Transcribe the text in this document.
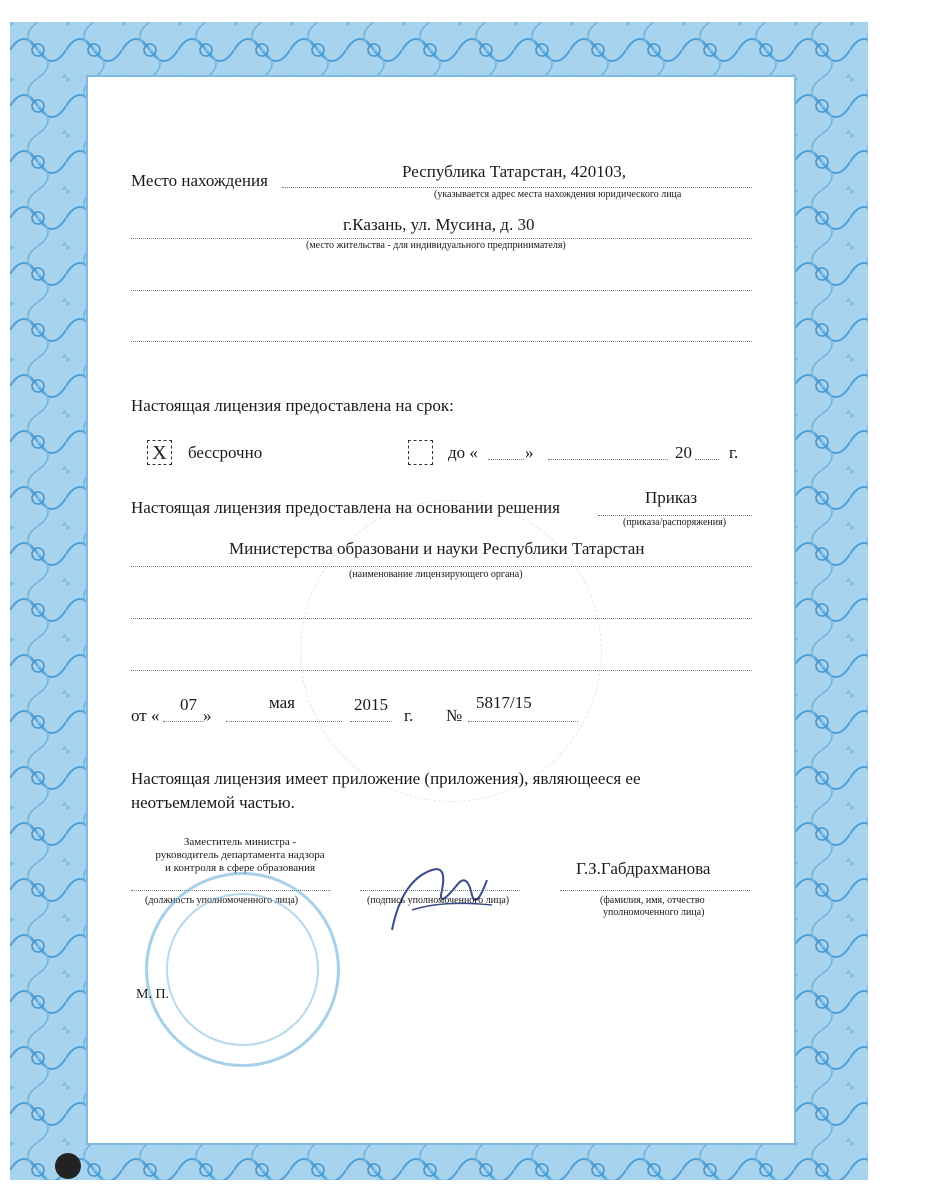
Место нахождения	Республика Татарстан, 420103,
(указывается адрес места нахождения юридического лица
г.Казань, ул. Мусина, д. 30
(место жительства - для индивидуального предпринимателя)
Настоящая лицензия предоставлена на срок:
X	бессрочно	до «	»	20 г.
Настоящая лицензия предоставлена на основании решения
Приказ
(приказа/распоряжения)
Министерства образовани и науки Республики Татарстан
(наименование лицензирующего органа)
от «
07
»
мая	2015
г. №
5817/15
Настоящая лицензия имеет приложение (приложения), являющееся ее
неотъемлемой частью.
Заместитель министра -
руководитель департамента надзора
и контроля в сфере образования
(должность уполномоченного лица)	(подпись уполномоченного лица)
Г.З.Габдрахманова
(фамилия, имя, отчество
уполномоченного лица)
М. П.
